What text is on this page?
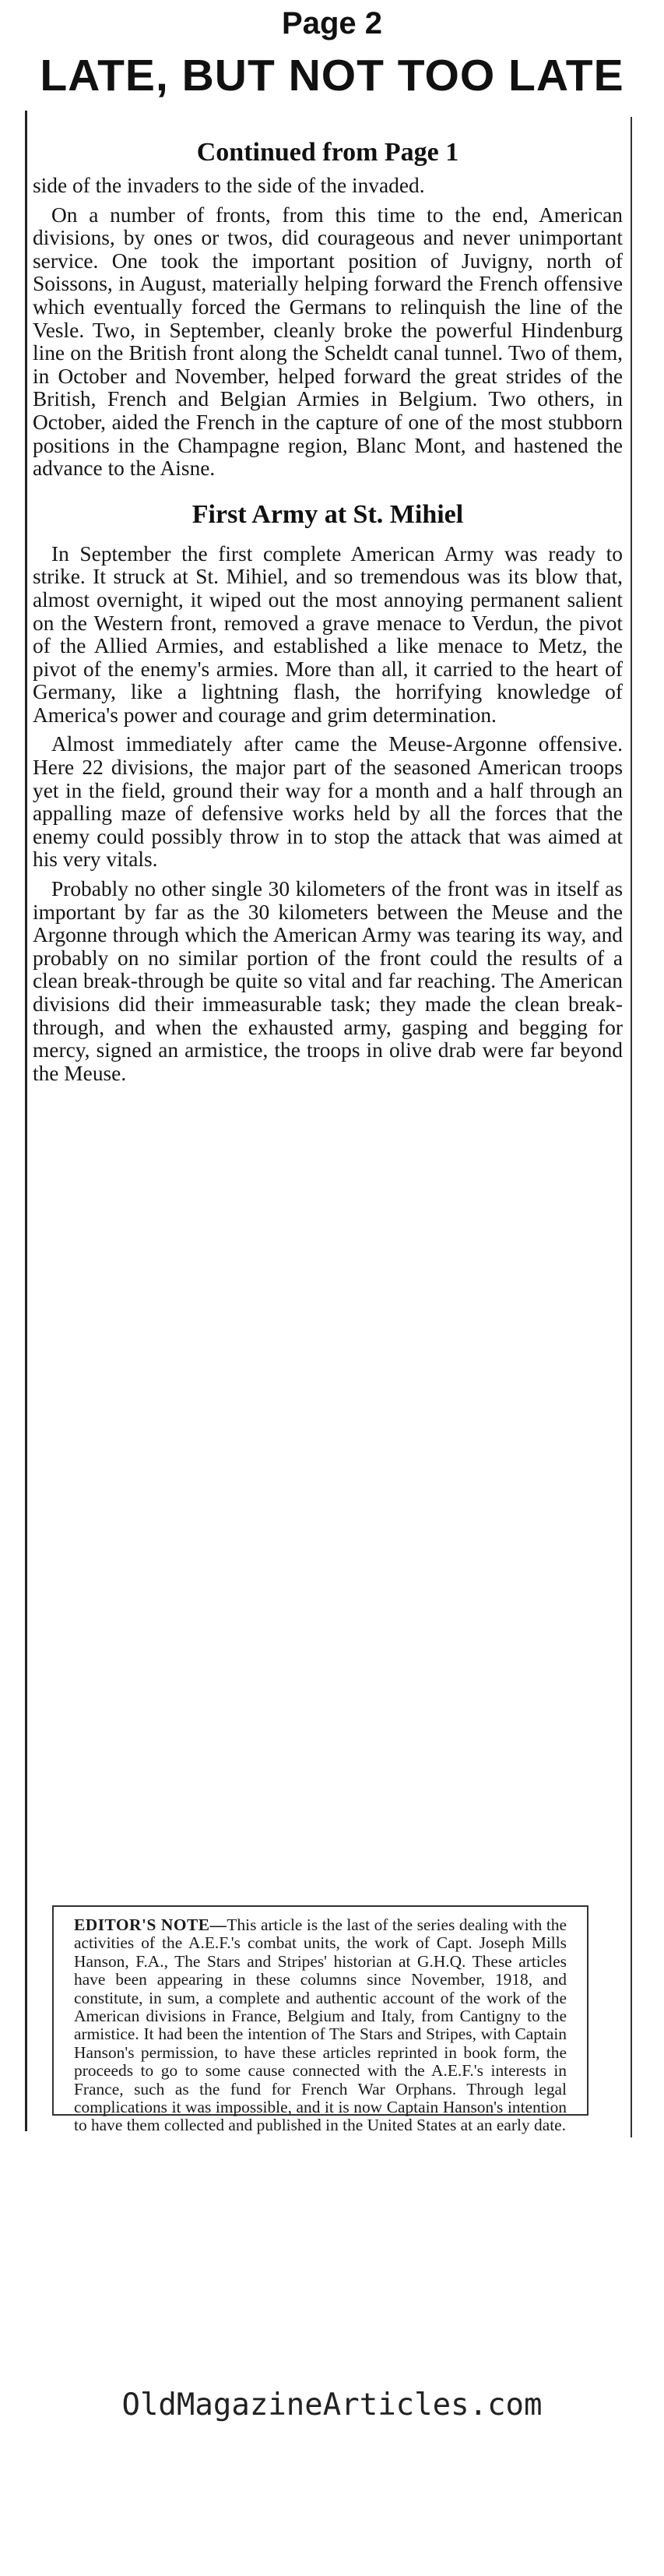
Page 2
LATE, BUT NOT TOO LATE
Continued from Page 1

side of the invaders to the side of the invaded.

On a number of fronts, from this time to the end, American divisions, by ones or twos, did courageous and never unimportant service. One took the important position of Juvigny, north of Soissons, in August, materially helping forward the French offensive which eventually forced the Germans to relinquish the line of the Vesle. Two, in September, cleanly broke the powerful Hindenburg line on the British front along the Scheldt canal tunnel. Two of them, in October and November, helped forward the great strides of the British, French and Belgian Armies in Belgium. Two others, in October, aided the French in the capture of one of the most stubborn positions in the Champagne region, Blanc Mont, and hastened the advance to the Aisne.

First Army at St. Mihiel

In September the first complete American Army was ready to strike. It struck at St. Mihiel, and so tremendous was its blow that, almost overnight, it wiped out the most annoying permanent salient on the Western front, removed a grave menace to Verdun, the pivot of the Allied Armies, and established a like menace to Metz, the pivot of the enemy's armies. More than all, it carried to the heart of Germany, like a lightning flash, the horrifying knowledge of America's power and courage and grim determination.

Almost immediately after came the Meuse-Argonne offensive. Here 22 divisions, the major part of the seasoned American troops yet in the field, ground their way for a month and a half through an appalling maze of defensive works held by all the forces that the enemy could possibly throw in to stop the attack that was aimed at his very vitals.

Probably no other single 30 kilometers of the front was in itself as important by far as the 30 kilometers between the Meuse and the Argonne through which the American Army was tearing its way, and probably on no similar portion of the front could the results of a clean break-through be quite so vital and far reaching. The American divisions did their immeasurable task; they made the clean break-through, and when the exhausted army, gasping and begging for mercy, signed an armistice, the troops in olive drab were far beyond the Meuse.

EDITOR'S NOTE—This article is the last of the series dealing with the activities of the A.E.F.'s combat units, the work of Capt. Joseph Mills Hanson, F.A., The Stars and Stripes' historian at G.H.Q. These articles have been appearing in these columns since November, 1918, and constitute, in sum, a complete and authentic account of the work of the American divisions in France, Belgium and Italy, from Cantigny to the armistice. It had been the intention of The Stars and Stripes, with Captain Hanson's permission, to have these articles reprinted in book form, the proceeds to go to some cause connected with the A.E.F.'s interests in France, such as the fund for French War Orphans. Through legal complications it was impossible, and it is now Captain Hanson's intention to have them collected and published in the United States at an early date.
OldMagazineArticles.com
